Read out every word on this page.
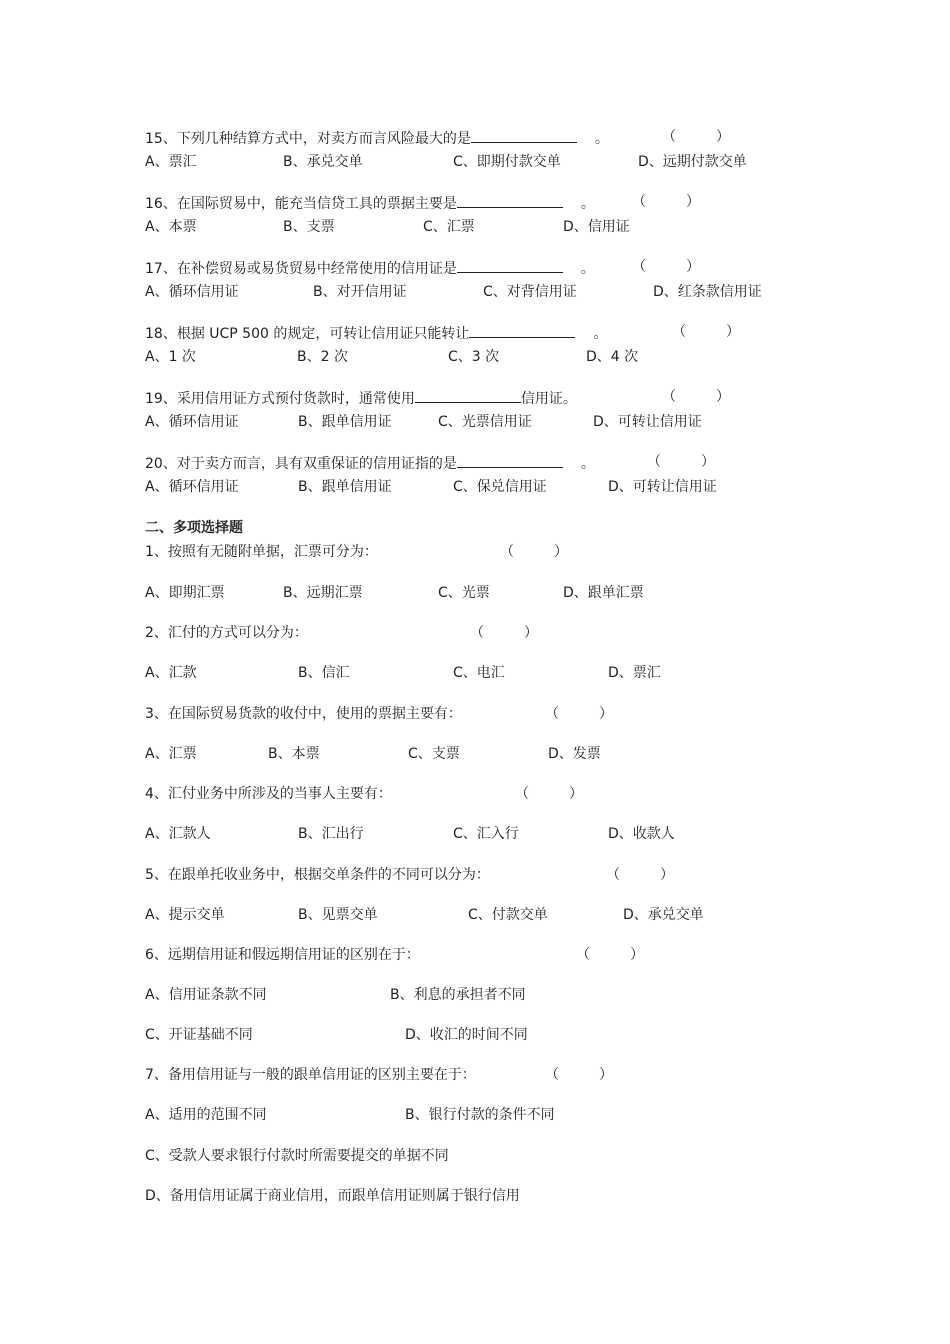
15、下列几种结算方式中，对卖方而言风险最大的是	。	（	）
A、票汇	B、承兑交单	C、即期付款交单	D、远期付款交单
16、在国际贸易中，能充当信贷工具的票据主要是	。	（	）
A、本票	B、支票	C、汇票	D、信用证
17、在补偿贸易或易货贸易中经常使用的信用证是	。	（	）
A、循环信用证	B、对开信用证	C、对背信用证	D、红条款信用证
18、根据 UCP 500 的规定，可转让信用证只能转让	。	（	）
A、1 次	B、2 次	C、3 次	D、4 次
19、采用信用证方式预付货款时，通常使用	信用证。	（	）
A、循环信用证	B、跟单信用证	C、光票信用证	D、可转让信用证
20、对于卖方而言，具有双重保证的信用证指的是	。	（	）
A、循环信用证	B、跟单信用证	C、保兑信用证	D、可转让信用证
二、多项选择题
1、按照有无随附单据，汇票可分为：	（	）
A、即期汇票	B、远期汇票	C、光票	D、跟单汇票
2、汇付的方式可以分为：	（	）
A、汇款	B、信汇	C、电汇	D、票汇
3、在国际贸易货款的收付中，使用的票据主要有：	（	）
A、汇票	B、本票	C、支票	D、发票
4、汇付业务中所涉及的当事人主要有：	（	）
A、汇款人	B、汇出行	C、汇入行	D、收款人
5、在跟单托收业务中，根据交单条件的不同可以分为：	（	）
A、提示交单	B、见票交单	C、付款交单	D、承兑交单
6、远期信用证和假远期信用证的区别在于：	（	）
A、信用证条款不同	B、利息的承担者不同
C、开证基础不同	D、收汇的时间不同
7、备用信用证与一般的跟单信用证的区别主要在于：	（	）
A、适用的范围不同	B、银行付款的条件不同
C、受款人要求银行付款时所需要提交的单据不同
D、备用信用证属于商业信用，而跟单信用证则属于银行信用
